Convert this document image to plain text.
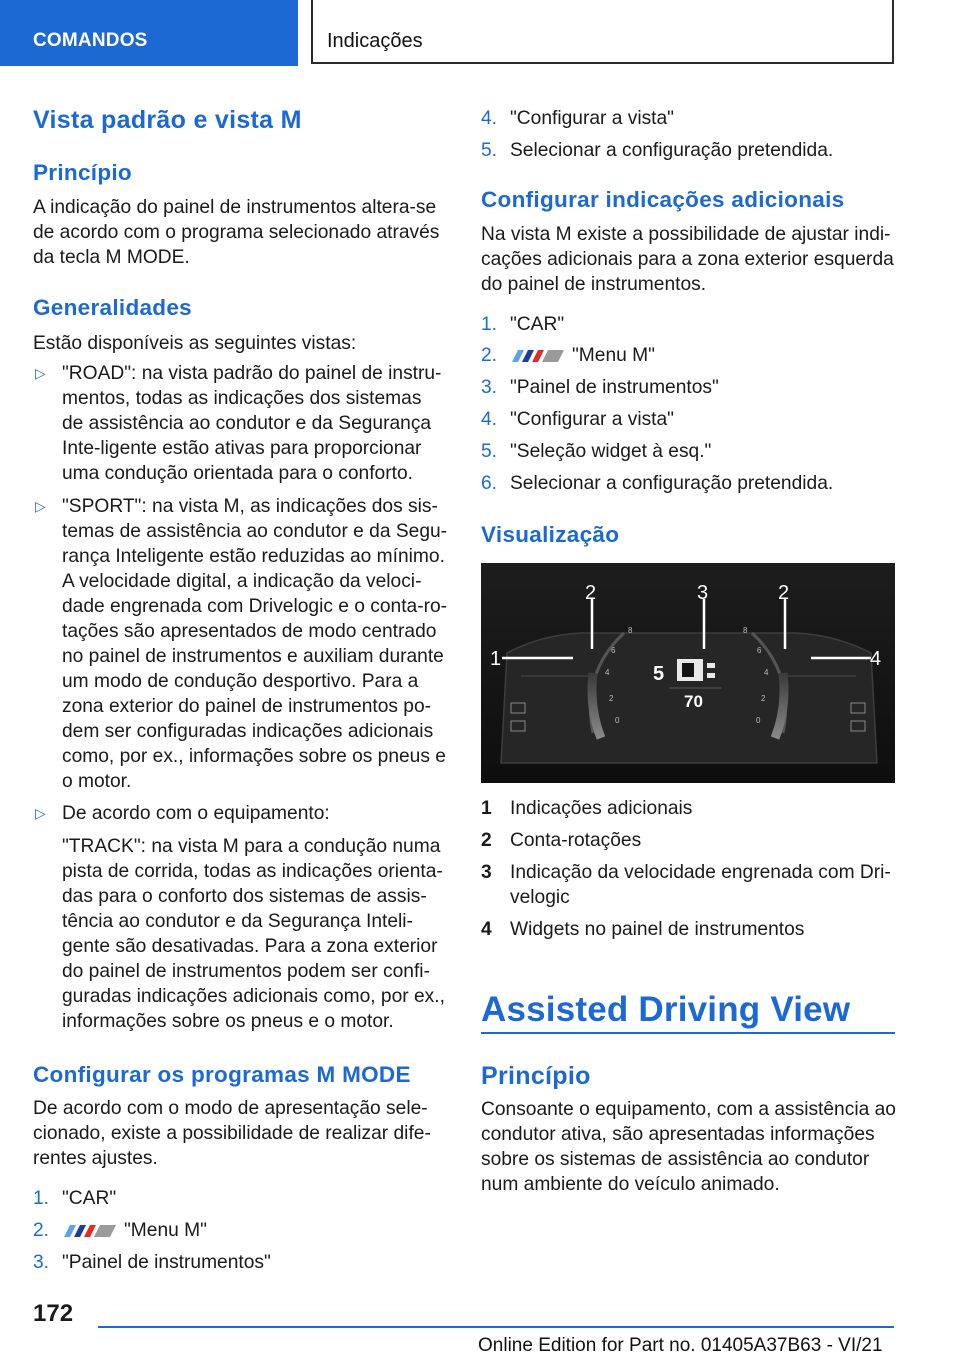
COMANDOS	Indicações
Vista padrão e vista M
Princípio
A indicação do painel de instrumentos altera-se de acordo com o programa selecionado através da tecla M MODE.
Generalidades
Estão disponíveis as seguintes vistas:
▷ "ROAD": na vista padrão do painel de instru-mentos, todas as indicações dos sistemas de assistência ao condutor e da Segurança Inte-ligente estão ativas para proporcionar uma condução orientada para o conforto.
▷ "SPORT": na vista M, as indicações dos sis-temas de assistência ao condutor e da Segu-rança Inteligente estão reduzidas ao mínimo. A velocidade digital, a indicação da veloci-dade engrenada com Drivelogic e o conta-ro-tações são apresentados de modo centrado no painel de instrumentos e auxiliam durante um modo de condução desportivo. Para a zona exterior do painel de instrumentos po-dem ser configuradas indicações adicionais como, por ex., informações sobre os pneus e o motor.
▷ De acordo com o equipamento:
"TRACK": na vista M para a condução numa pista de corrida, todas as indicações orienta-das para o conforto dos sistemas de assis-tência ao condutor e da Segurança Inteli-gente são desativadas. Para a zona exterior do painel de instrumentos podem ser confi-guradas indicações adicionais como, por ex., informações sobre os pneus e o motor.
Configurar os programas M MODE
De acordo com o modo de apresentação sele-cionado, existe a possibilidade de realizar dife-rentes ajustes.
1. "CAR"
2.	"Menu M"
3. "Painel de instrumentos"
4. "Configurar a vista"
5. Selecionar a configuração pretendida.
Configurar indicações adicionais
Na vista M existe a possibilidade de ajustar indi-cações adicionais para a zona exterior esquerda do painel de instrumentos.
1. "CAR"
2.	"Menu M"
3. "Painel de instrumentos"
4. "Configurar a vista"
5. "Seleção widget à esq."
6. Selecionar a configuração pretendida.
Visualização
8
6
4
2
0
8
6
4
2
0
5
70
1
2	3	2
4
1 Indicações adicionais
2 Conta-rotações
3 Indicação da velocidade engrenada com Dri-velogic
4 Widgets no painel de instrumentos
Assisted Driving View
Princípio
Consoante o equipamento, com a assistência ao condutor ativa, são apresentadas informações sobre os sistemas de assistência ao condutor num ambiente do veículo animado.
172
Online Edition for Part no. 01405A37B63 - VI/21
